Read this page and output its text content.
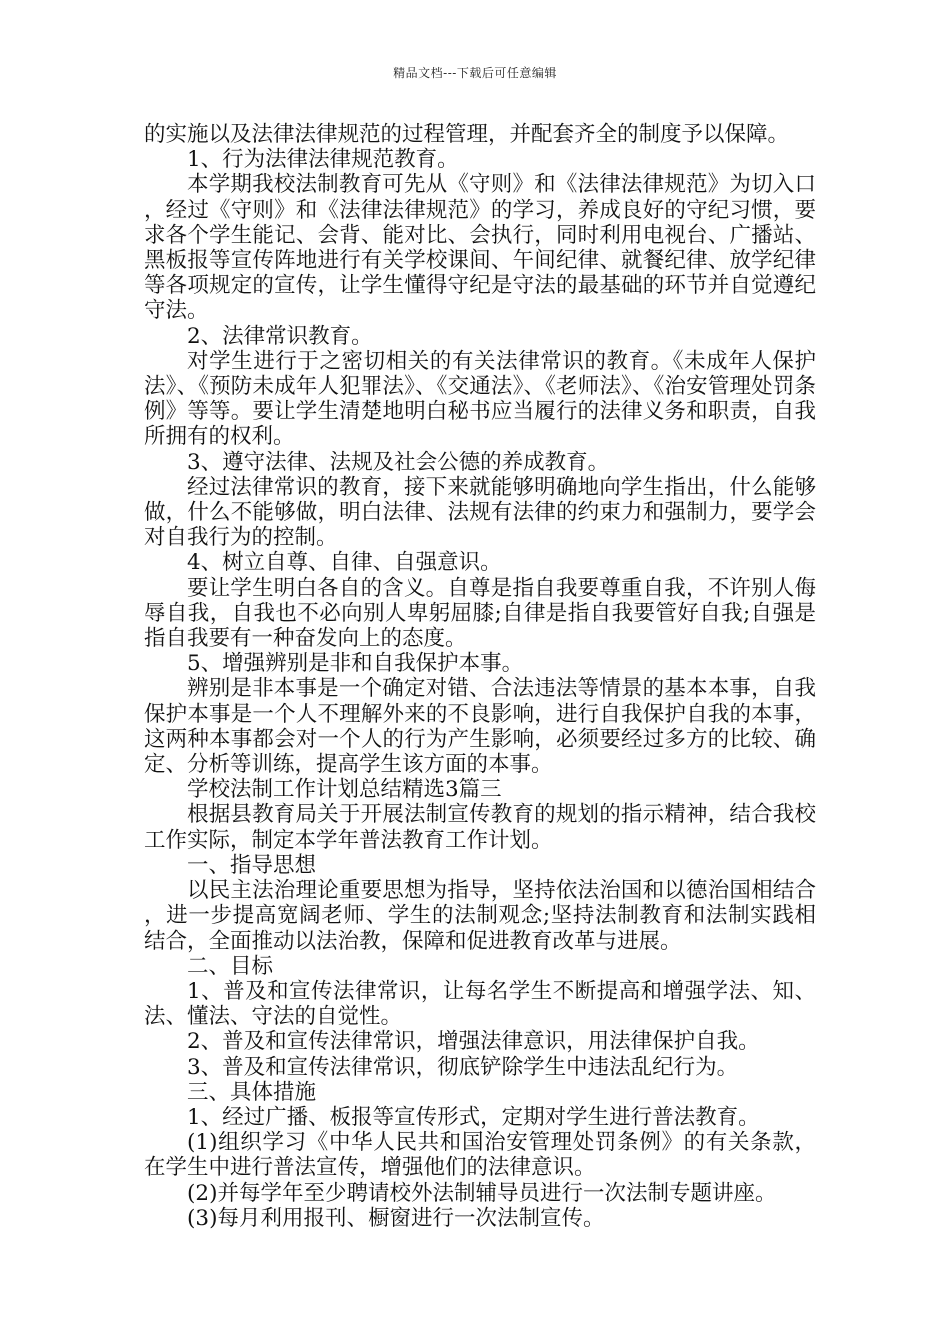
精品文档---下载后可任意编辑

的实施以及法律法律规范的过程管理，并配套齐全的制度予以保障。

1、行为法律法律规范教育。

本学期我校法制教育可先从《守则》和《法律法律规范》为切入口，经过《守则》和《法律法律规范》的学习，养成良好的守纪习惯，要求各个学生能记、会背、能对比、会执行，同时利用电视台、广播站、黑板报等宣传阵地进行有关学校课间、午间纪律、就餐纪律、放学纪律等各项规定的宣传，让学生懂得守纪是守法的最基础的环节并自觉遵纪守法。

2、法律常识教育。

对学生进行于之密切相关的有关法律常识的教育。《未成年人保护法》、《预防未成年人犯罪法》、《交通法》、《老师法》、《治安管理处罚条例》等等。要让学生清楚地明白秘书应当履行的法律义务和职责，自我所拥有的权利。

3、遵守法律、法规及社会公德的养成教育。

经过法律常识的教育，接下来就能够明确地向学生指出，什么能够做，什么不能够做，明白法律、法规有法律的约束力和强制力，要学会对自我行为的控制。

4、树立自尊、自律、自强意识。

要让学生明白各自的含义。自尊是指自我要尊重自我，不许别人侮辱自我，自我也不必向别人卑躬屈膝;自律是指自我要管好自我;自强是指自我要有一种奋发向上的态度。

5、增强辨别是非和自我保护本事。

辨别是非本事是一个确定对错、合法违法等情景的基本本事，自我保护本事是一个人不理解外来的不良影响，进行自我保护自我的本事，这两种本事都会对一个人的行为产生影响，必须要经过多方的比较、确定、分析等训练，提高学生该方面的本事。

学校法制工作计划总结精选3篇三

根据县教育局关于开展法制宣传教育的规划的指示精神，结合我校工作实际，制定本学年普法教育工作计划。

一、指导思想

以民主法治理论重要思想为指导，坚持依法治国和以德治国相结合，进一步提高宽阔老师、学生的法制观念;坚持法制教育和法制实践相结合，全面推动以法治教，保障和促进教育改革与进展。

二、目标

1、普及和宣传法律常识，让每名学生不断提高和增强学法、知、法、懂法、守法的自觉性。

2、普及和宣传法律常识，增强法律意识，用法律保护自我。

3、普及和宣传法律常识，彻底铲除学生中违法乱纪行为。

三、具体措施

1、经过广播、板报等宣传形式，定期对学生进行普法教育。

(1)组织学习《中华人民共和国治安管理处罚条例》的有关条款，在学生中进行普法宣传，增强他们的法律意识。

(2)并每学年至少聘请校外法制辅导员进行一次法制专题讲座。

(3)每月利用报刊、橱窗进行一次法制宣传。
